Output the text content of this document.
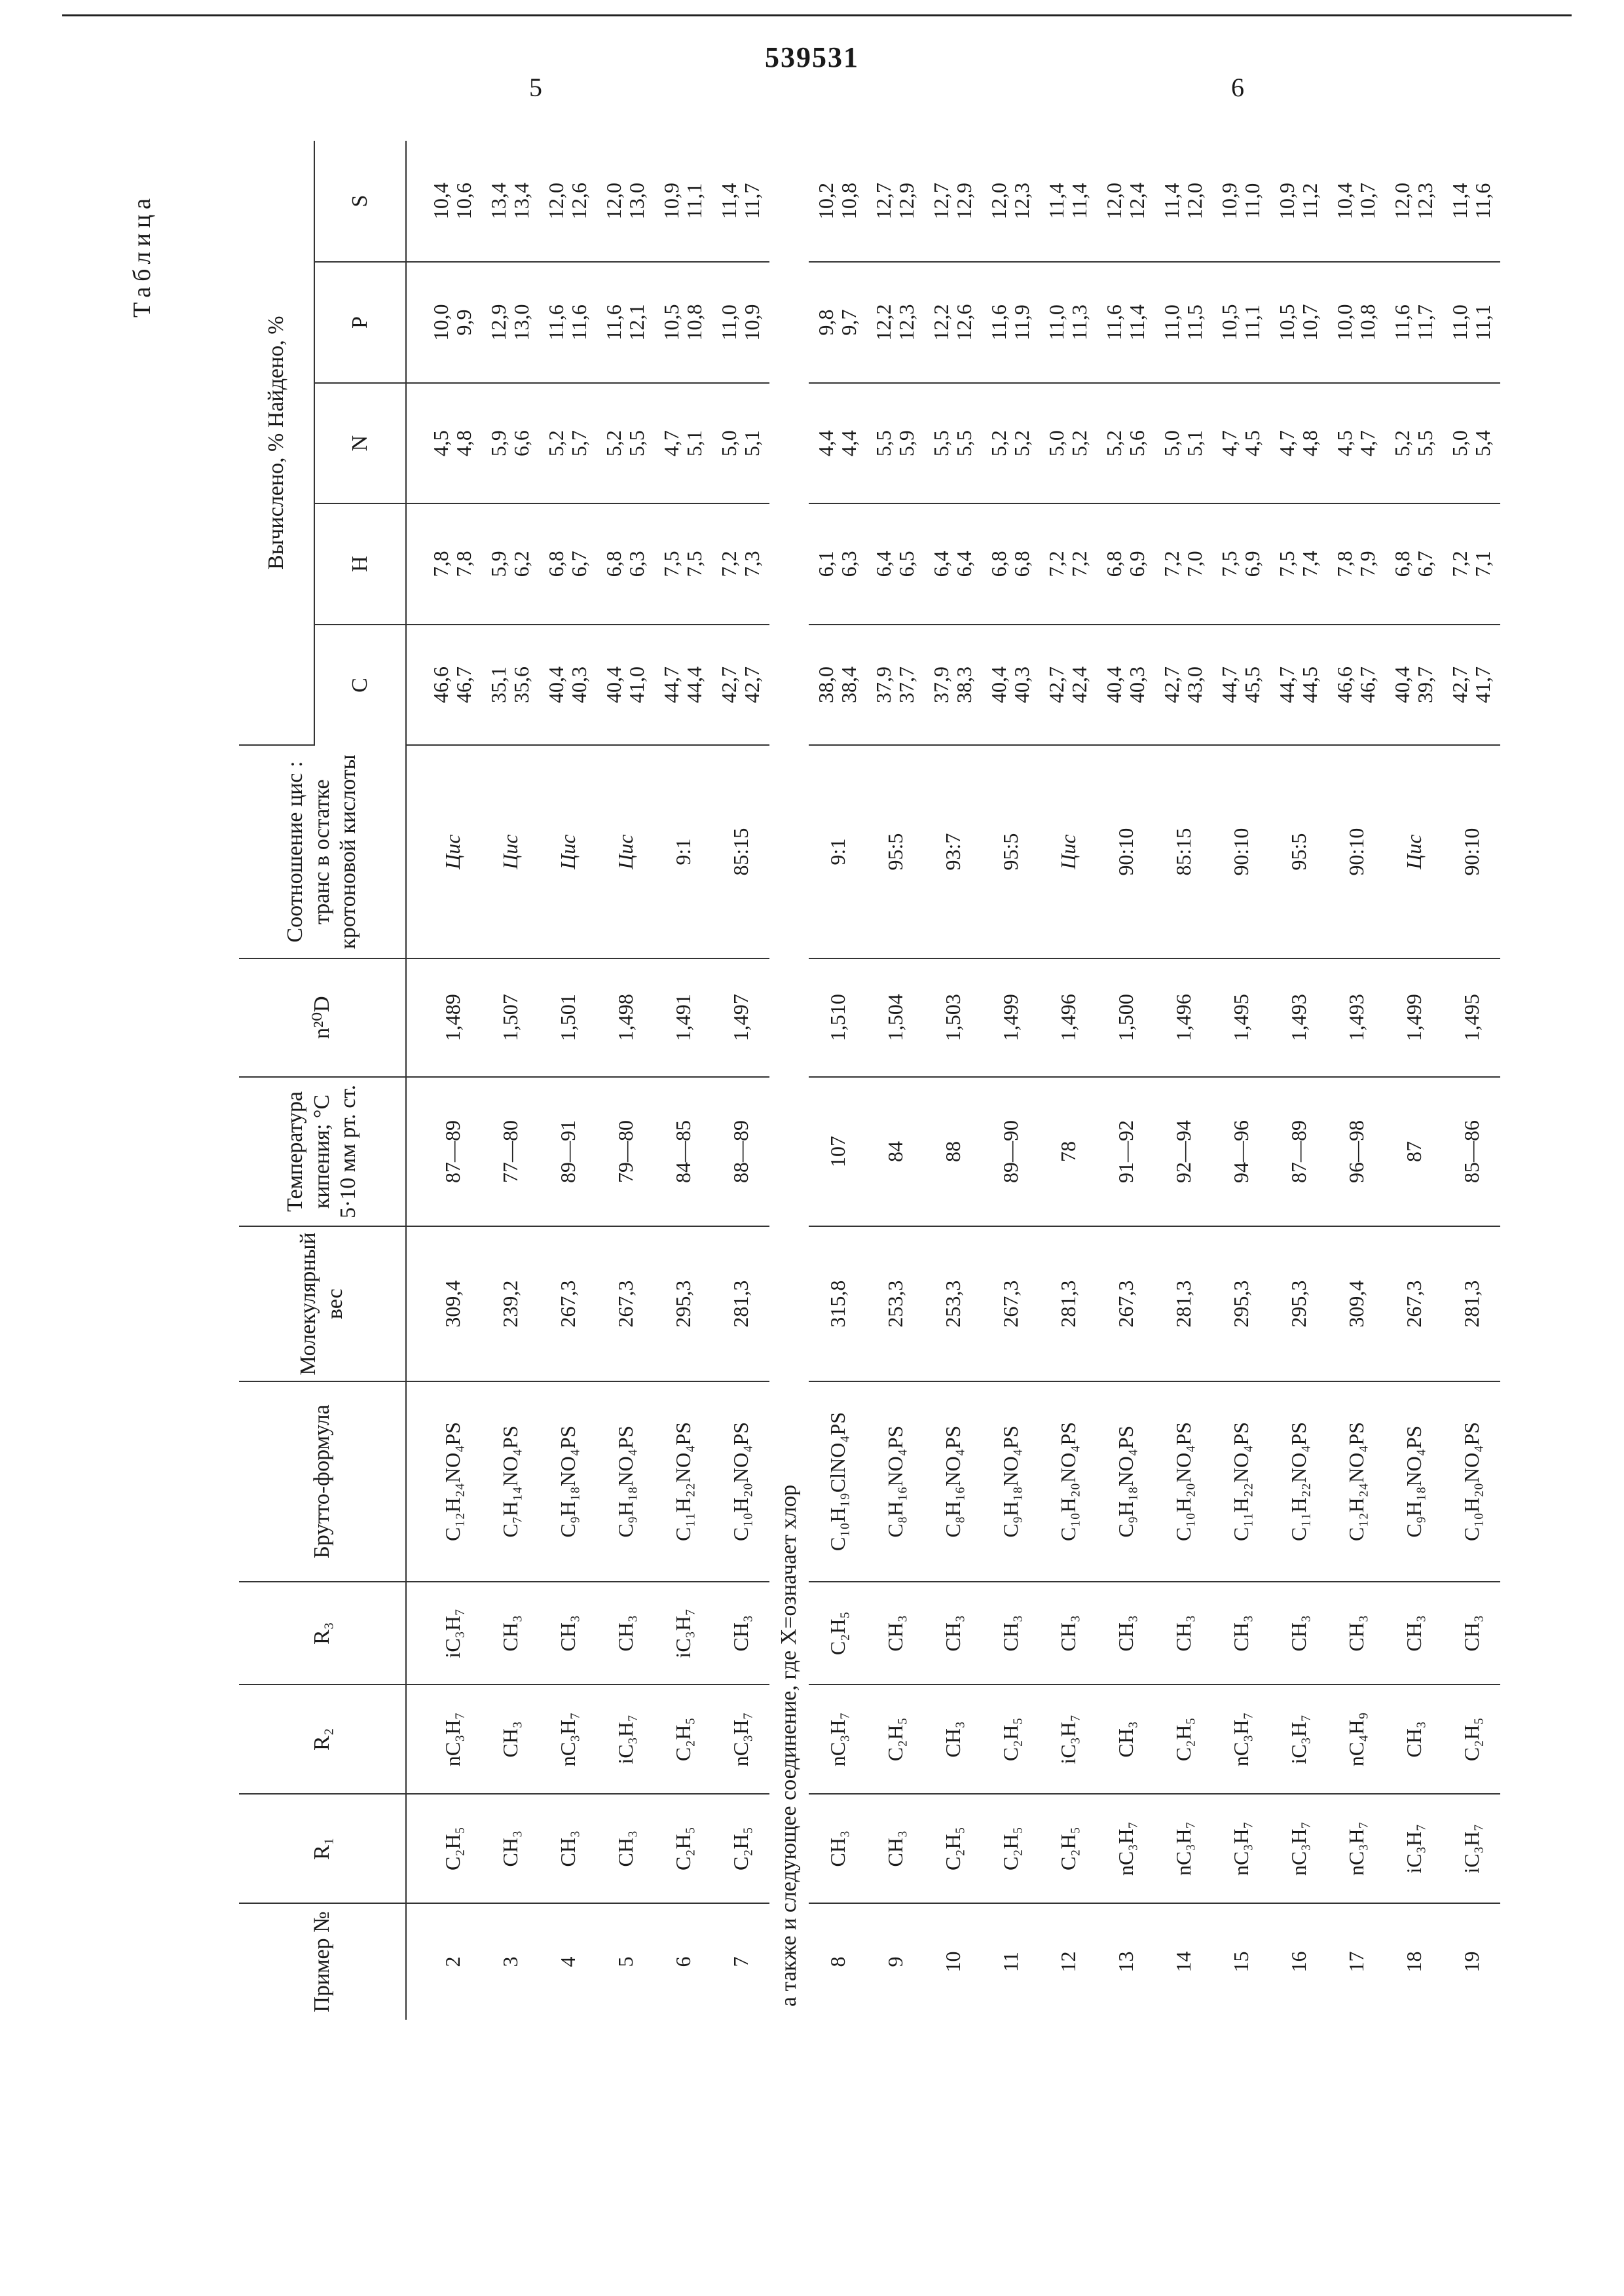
539531
5	6
Таблица
Пример №	R₁	R₂	R₃	Брутто-формула	Молекулярный вес	Температура кипения; °С 5·10 мм рт. ст.	n²⁰D	Соотношение цис : транс в остатке кротоновой кислоты	Вычислено, % Найдено, %				
									C	H	N	P	S
2	C₂H₅	nC₃H₇	iC₃H₇	C₁₂H₂₄NO₄PS	309,4	87—89	1,489	Цис	46,6 46,7	7,8 7,8	4,5 4,8	10,0 9,9	10,4 10,6

3	CH₃	CH₃	CH₃	C₇H₁₄NO₄PS	239,2	77—80	1,507	Цис	35,1 35,6	5,9 6,2	5,9 6,6	12,9 13,0	13,4 13,4

4	CH₃	nC₃H₇	CH₃	C₉H₁₈NO₄PS	267,3	89—91	1,501	Цис	40,4 40,3	6,8 6,7	5,2 5,7	11,6 11,6	12,0 12,6

5	CH₃	iC₃H₇	CH₃	C₉H₁₈NO₄PS	267,3	79—80	1,498	Цис	40,4 41,0	6,8 6,3	5,2 5,5	11,6 12,1	12,0 13,0

6	C₂H₅	C₂H₅	iC₃H₇	C₁₁H₂₂NO₄PS	295,3	84—85	1,491	9:1	44,7 44,4	7,5 7,5	4,7 5,1	10,5 10,8	10,9 11,1

7	C₂H₅	nC₃H₇	CH₃	C₁₀H₂₀NO₄PS	281,3	88—89	1,497	85:15	42,7 42,7	7,2 7,3	5,0 5,1	11,0 10,9	11,4 11,7

а также и следующее соединение, где X=означает хлор													
8	CH₃	nC₃H₇	C₂H₅	C₁₀H₁₉ClNO₄PS	315,8	107	1,510	9:1	38,0 38,4	6,1 6,3	4,4 4,4	9,8 9,7	10,2 10,8

9	CH₃	C₂H₅	CH₃	C₈H₁₆NO₄PS	253,3	84	1,504	95:5	37,9 37,7	6,4 6,5	5,5 5,9	12,2 12,3	12,7 12,9

10	C₂H₅	CH₃	CH₃	C₈H₁₆NO₄PS	253,3	88	1,503	93:7	37,9 38,3	6,4 6,4	5,5 5,5	12,2 12,6	12,7 12,9

11	C₂H₅	C₂H₅	CH₃	C₉H₁₈NO₄PS	267,3	89—90	1,499	95:5	40,4 40,3	6,8 6,8	5,2 5,2	11,6 11,9	12,0 12,3

12	C₂H₅	iC₃H₇	CH₃	C₁₀H₂₀NO₄PS	281,3	78	1,496	Цис	42,7 42,4	7,2 7,2	5,0 5,2	11,0 11,3	11,4 11,4

13	nC₃H₇	CH₃	CH₃	C₉H₁₈NO₄PS	267,3	91—92	1,500	90:10	40,4 40,3	6,8 6,9	5,2 5,6	11,6 11,4	12,0 12,4

14	nC₃H₇	C₂H₅	CH₃	C₁₀H₂₀NO₄PS	281,3	92—94	1,496	85:15	42,7 43,0	7,2 7,0	5,0 5,1	11,0 11,5	11,4 12,0

15	nC₃H₇	nC₃H₇	CH₃	C₁₁H₂₂NO₄PS	295,3	94—96	1,495	90:10	44,7 45,5	7,5 6,9	4,7 4,5	10,5 11,1	10,9 11,0

16	nC₃H₇	iC₃H₇	CH₃	C₁₁H₂₂NO₄PS	295,3	87—89	1,493	95:5	44,7 44,5	7,5 7,4	4,7 4,8	10,5 10,7	10,9 11,2

17	nC₃H₇	nC₄H₉	CH₃	C₁₂H₂₄NO₄PS	309,4	96—98	1,493	90:10	46,6 46,7	7,8 7,9	4,5 4,7	10,0 10,8	10,4 10,7

18	iC₃H₇	CH₃	CH₃	C₉H₁₈NO₄PS	267,3	87	1,499	Цис	40,4 39,7	6,8 6,7	5,2 5,5	11,6 11,7	12,0 12,3

19	iC₃H₇	C₂H₅	CH₃	C₁₀H₂₀NO₄PS	281,3	85—86	1,495	90:10	42,7 41,7	7,2 7,1	5,0 5,4	11,0 11,1	11,4 11,6
